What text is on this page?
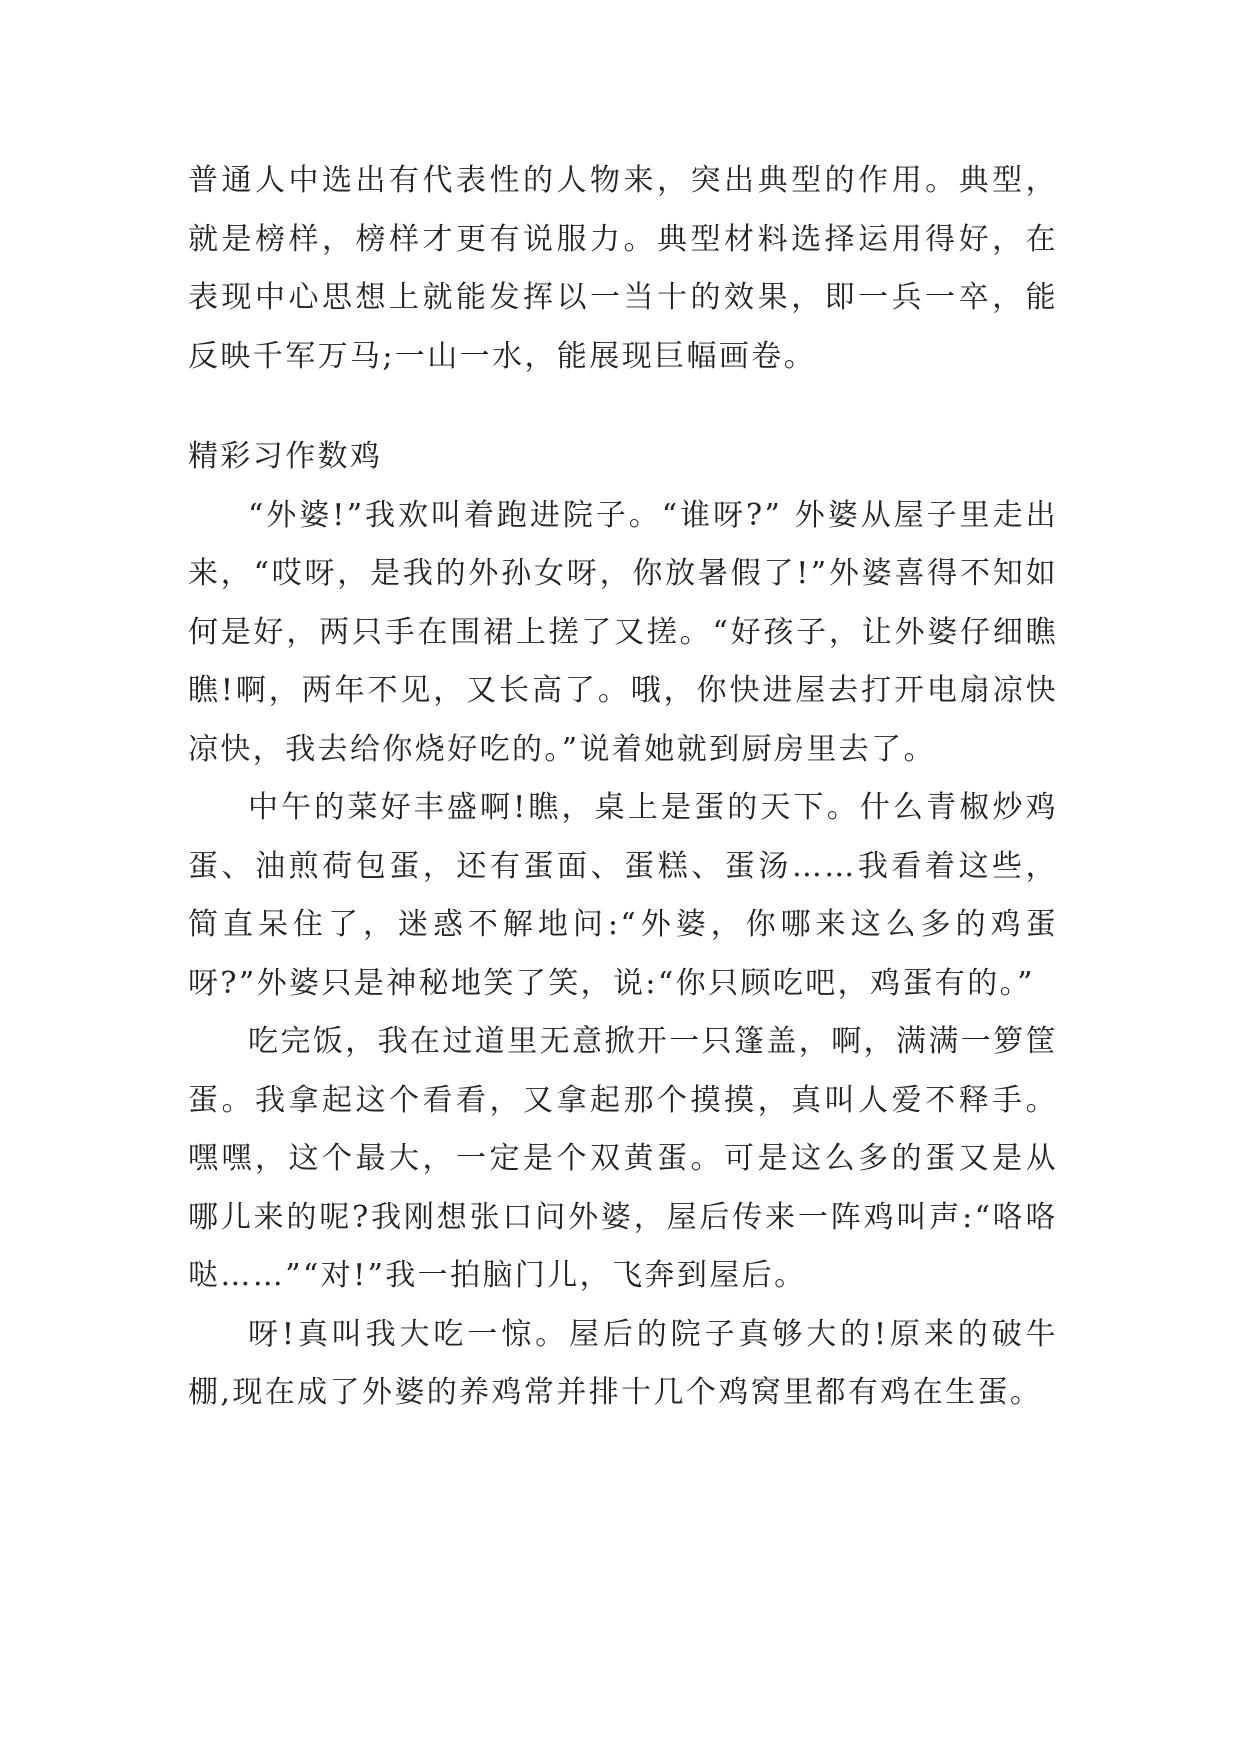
普通人中选出有代表性的人物来，突出典型的作用。典型，就是榜样，榜样才更有说服力。典型材料选择运用得好，在表现中心思想上就能发挥以一当十的效果，即一兵一卒，能反映千军万马;一山一水，能展现巨幅画卷。

精彩习作数鸡

“外婆!”我欢叫着跑进院子。“谁呀?” 外婆从屋子里走出来，“哎呀，是我的外孙女呀，你放暑假了!”外婆喜得不知如何是好，两只手在围裙上搓了又搓。“好孩子，让外婆仔细瞧瞧!啊，两年不见，又长高了。哦，你快进屋去打开电扇凉快凉快，我去给你烧好吃的。”说着她就到厨房里去了。

中午的菜好丰盛啊!瞧，桌上是蛋的天下。什么青椒炒鸡蛋、油煎荷包蛋，还有蛋面、蛋糕、蛋汤……我看着这些，简直呆住了，迷惑不解地问:“外婆，你哪来这么多的鸡蛋呀?”外婆只是神秘地笑了笑，说:“你只顾吃吧，鸡蛋有的。”

吃完饭，我在过道里无意掀开一只篷盖，啊，满满一箩筐蛋。我拿起这个看看，又拿起那个摸摸，真叫人爱不释手。嘿嘿，这个最大，一定是个双黄蛋。可是这么多的蛋又是从哪儿来的呢?我刚想张口问外婆，屋后传来一阵鸡叫声:“咯咯哒……”“对!”我一拍脑门儿，飞奔到屋后。

呀!真叫我大吃一惊。屋后的院子真够大的!原来的破牛棚,现在成了外婆的养鸡常并排十几个鸡窝里都有鸡在生蛋。
